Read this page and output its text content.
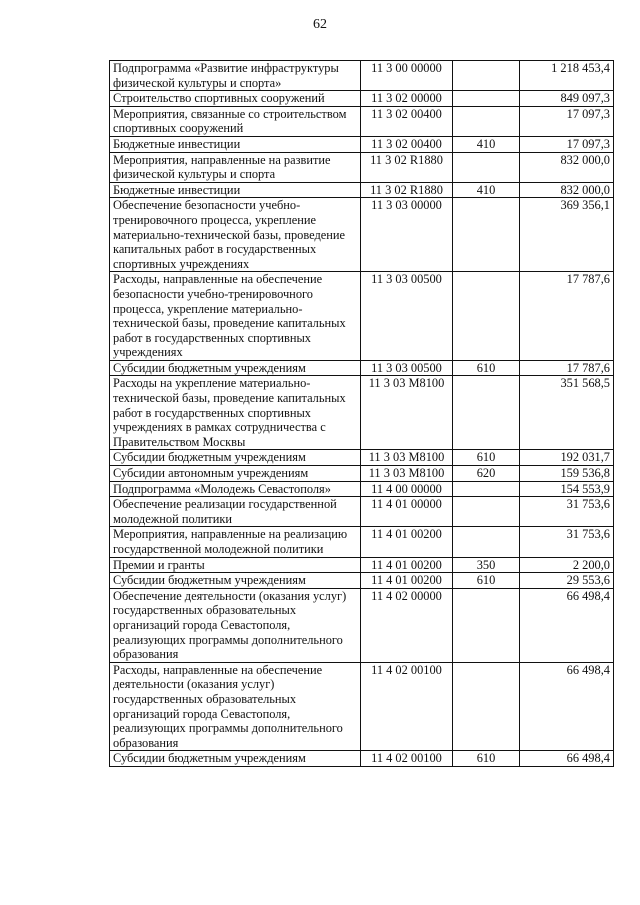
62
Подпрограмма «Развитие инфраструктуры физической культуры и спорта»	11 3 00 00000		1 218 453,4
Строительство спортивных сооружений	11 3 02 00000		849 097,3
Мероприятия, связанные со строительством спортивных сооружений	11 3 02 00400		17 097,3
Бюджетные инвестиции	11 3 02 00400	410	17 097,3
Мероприятия, направленные на развитие физической культуры и спорта	11 3 02 R1880		832 000,0
Бюджетные инвестиции	11 3 02 R1880	410	832 000,0
Обеспечение безопасности учебно-тренировочного процесса, укрепление материально-технической базы, проведение капитальных работ в государственных спортивных учреждениях	11 3 03 00000		369 356,1
Расходы, направленные на обеспечение безопасности учебно-тренировочного процесса, укрепление материально-технической базы, проведение капитальных работ в государственных спортивных учреждениях	11 3 03 00500		17 787,6
Субсидии бюджетным учреждениям	11 3 03 00500	610	17 787,6
Расходы на укрепление материально-технической базы, проведение капитальных работ в государственных спортивных учреждениях в рамках сотрудничества с Правительством Москвы	11 3 03 M8100		351 568,5
Субсидии бюджетным учреждениям	11 3 03 M8100	610	192 031,7
Субсидии автономным учреждениям	11 3 03 M8100	620	159 536,8
Подпрограмма «Молодежь Севастополя»	11 4 00 00000		154 553,9
Обеспечение реализации государственной молодежной политики	11 4 01 00000		31 753,6
Мероприятия, направленные на реализацию государственной молодежной политики	11 4 01 00200		31 753,6
Премии и гранты	11 4 01 00200	350	2 200,0
Субсидии бюджетным учреждениям	11 4 01 00200	610	29 553,6
Обеспечение деятельности (оказания услуг) государственных образовательных организаций города Севастополя, реализующих программы дополнительного образования	11 4 02 00000		66 498,4
Расходы, направленные на обеспечение деятельности (оказания услуг) государственных образовательных организаций города Севастополя, реализующих программы дополнительного образования	11 4 02 00100		66 498,4
Субсидии бюджетным учреждениям	11 4 02 00100	610	66 498,4
